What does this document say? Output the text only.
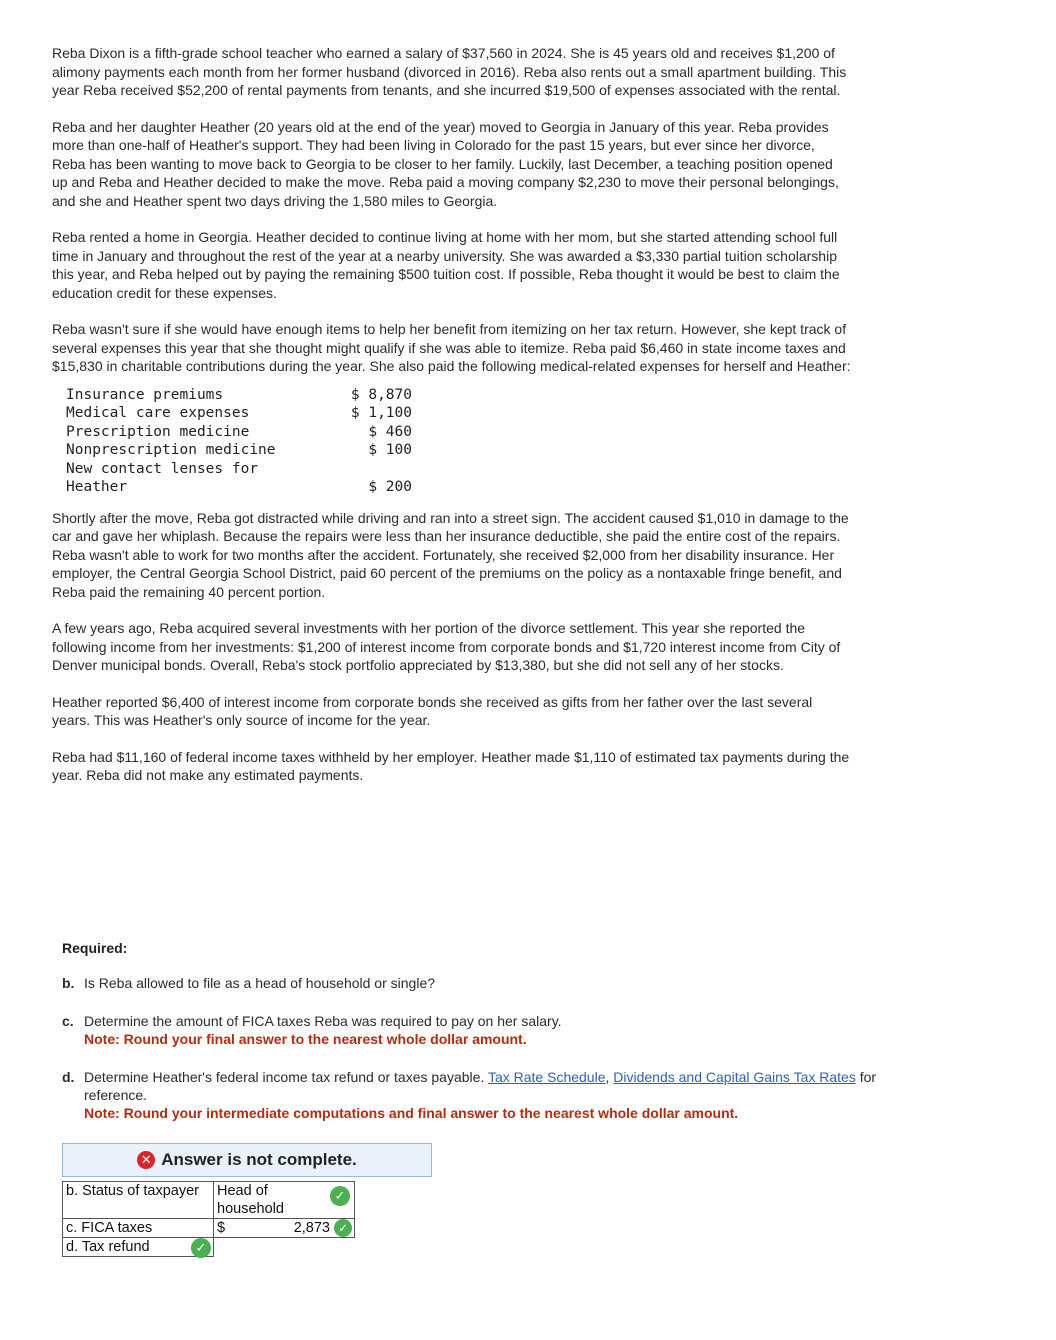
Reba Dixon is a fifth-grade school teacher who earned a salary of $37,560 in 2024. She is 45 years old and receives $1,200 of alimony payments each month from her former husband (divorced in 2016). Reba also rents out a small apartment building. This year Reba received $52,200 of rental payments from tenants, and she incurred $19,500 of expenses associated with the rental.

Reba and her daughter Heather (20 years old at the end of the year) moved to Georgia in January of this year. Reba provides more than one-half of Heather's support. They had been living in Colorado for the past 15 years, but ever since her divorce, Reba has been wanting to move back to Georgia to be closer to her family. Luckily, last December, a teaching position opened up and Reba and Heather decided to make the move. Reba paid a moving company $2,230 to move their personal belongings, and she and Heather spent two days driving the 1,580 miles to Georgia.

Reba rented a home in Georgia. Heather decided to continue living at home with her mom, but she started attending school full time in January and throughout the rest of the year at a nearby university. She was awarded a $3,330 partial tuition scholarship this year, and Reba helped out by paying the remaining $500 tuition cost. If possible, Reba thought it would be best to claim the education credit for these expenses.

Reba wasn't sure if she would have enough items to help her benefit from itemizing on her tax return. However, she kept track of several expenses this year that she thought might qualify if she was able to itemize. Reba paid $6,460 in state income taxes and $15,830 in charitable contributions during the year. She also paid the following medical-related expenses for herself and Heather:

Insurance premiums	$ 8,870
Medical care expenses	$ 1,100
Prescription medicine	$ 460
Nonprescription medicine	$ 100
New contact lenses for	
Heather	$ 200

Shortly after the move, Reba got distracted while driving and ran into a street sign. The accident caused $1,010 in damage to the car and gave her whiplash. Because the repairs were less than her insurance deductible, she paid the entire cost of the repairs. Reba wasn't able to work for two months after the accident. Fortunately, she received $2,000 from her disability insurance. Her employer, the Central Georgia School District, paid 60 percent of the premiums on the policy as a nontaxable fringe benefit, and Reba paid the remaining 40 percent portion.

A few years ago, Reba acquired several investments with her portion of the divorce settlement. This year she reported the following income from her investments: $1,200 of interest income from corporate bonds and $1,720 interest income from City of Denver municipal bonds. Overall, Reba's stock portfolio appreciated by $13,380, but she did not sell any of her stocks.

Heather reported $6,400 of interest income from corporate bonds she received as gifts from her father over the last several years. This was Heather's only source of income for the year.

Reba had $11,160 of federal income taxes withheld by her employer. Heather made $1,110 of estimated tax payments during the year. Reba did not make any estimated payments.

Required:
b. Is Reba allowed to file as a head of household or single?
c. Determine the amount of FICA taxes Reba was required to pay on her salary.
Note: Round your final answer to the nearest whole dollar amount.
d. Determine Heather's federal income tax refund or taxes payable. Tax Rate Schedule, Dividends and Capital Gains Tax Rates for reference.
Note: Round your intermediate computations and final answer to the nearest whole dollar amount.
✕ Answer is not complete.
b. Status of taxpayer	Head of household
✓

c. FICA taxes	$ 2,873 ✓

d. Tax refund ✓	
